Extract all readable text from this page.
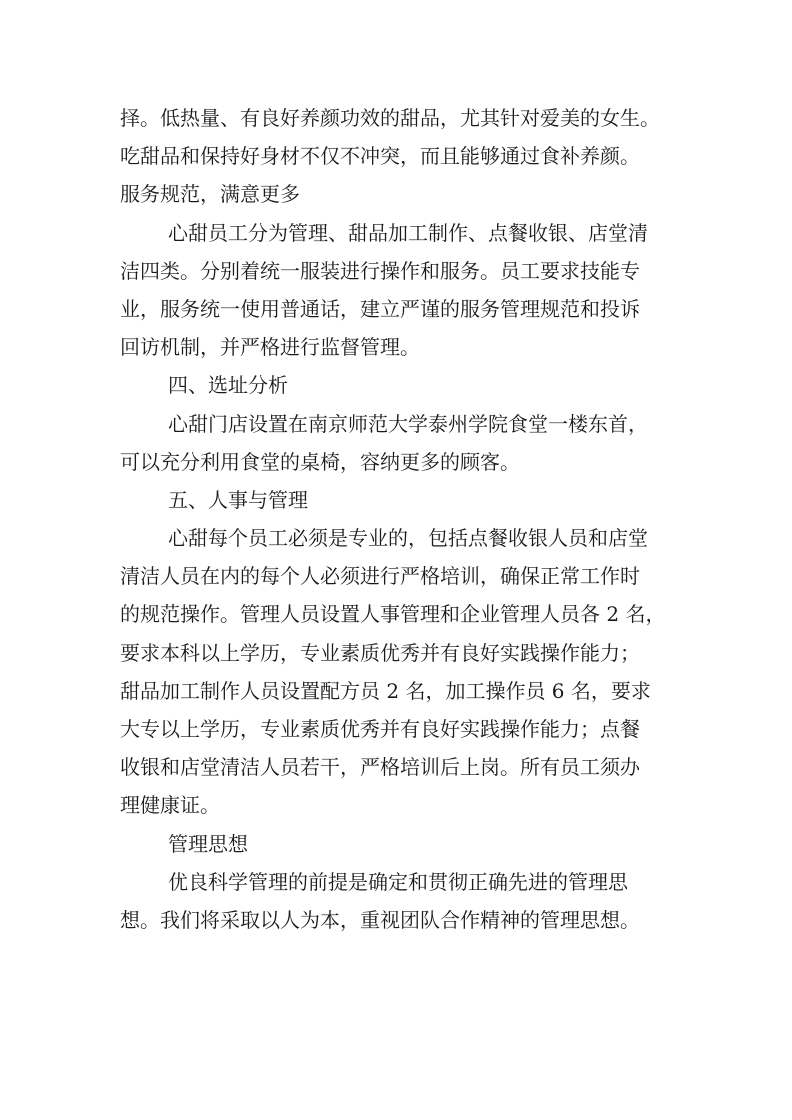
择。低热量、有良好养颜功效的甜品，尤其针对爱美的女生。
吃甜品和保持好身材不仅不冲突，而且能够通过食补养颜。
服务规范，满意更多
心甜员工分为管理、甜品加工制作、点餐收银、店堂清
洁四类。分别着统一服装进行操作和服务。员工要求技能专
业，服务统一使用普通话，建立严谨的服务管理规范和投诉
回访机制，并严格进行监督管理。
四、选址分析
心甜门店设置在南京师范大学泰州学院食堂一楼东首，
可以充分利用食堂的桌椅，容纳更多的顾客。
五、人事与管理
心甜每个员工必须是专业的，包括点餐收银人员和店堂
清洁人员在内的每个人必须进行严格培训，确保正常工作时
的规范操作。管理人员设置人事管理和企业管理人员各 2 名，
要求本科以上学历，专业素质优秀并有良好实践操作能力；
甜品加工制作人员设置配方员 2 名，加工操作员 6 名，要求
大专以上学历，专业素质优秀并有良好实践操作能力；点餐
收银和店堂清洁人员若干，严格培训后上岗。所有员工须办
理健康证。
管理思想
优良科学管理的前提是确定和贯彻正确先进的管理思
想。我们将采取以人为本，重视团队合作精神的管理思想。
